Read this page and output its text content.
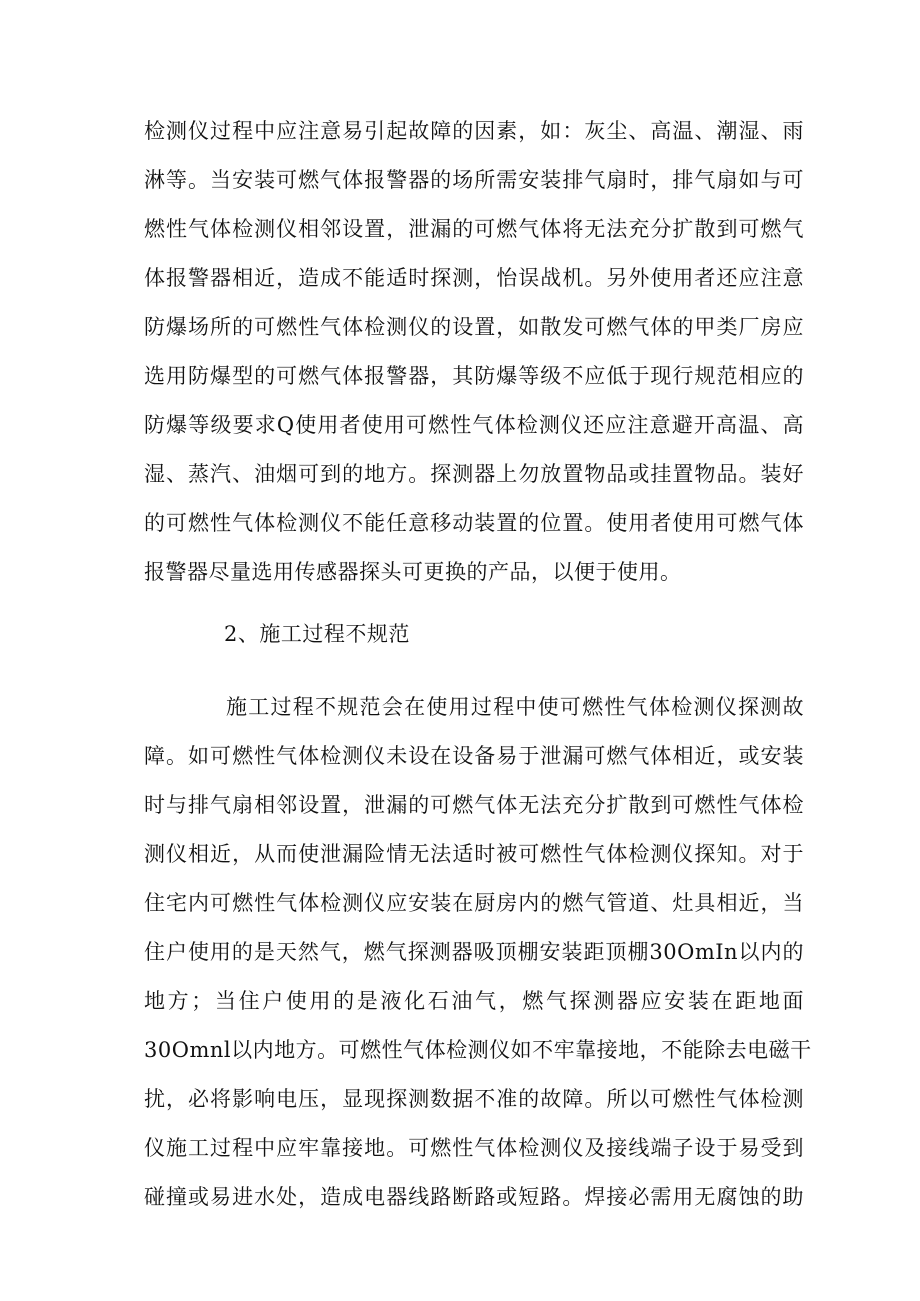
检测仪过程中应注意易引起故障的因素，如：灰尘、高温、潮湿、雨
淋等。当安装可燃气体报警器的场所需安装排气扇时，排气扇如与可
燃性气体检测仪相邻设置，泄漏的可燃气体将无法充分扩散到可燃气
体报警器相近，造成不能适时探测，怡误战机。另外使用者还应注意
防爆场所的可燃性气体检测仪的设置，如散发可燃气体的甲类厂房应
选用防爆型的可燃气体报警器，其防爆等级不应低于现行规范相应的
防爆等级要求Q使用者使用可燃性气体检测仪还应注意避开高温、高
湿、蒸汽、油烟可到的地方。探测器上勿放置物品或挂置物品。装好
的可燃性气体检测仪不能任意移动装置的位置。使用者使用可燃气体
报警器尽量选用传感器探头可更换的产品，以便于使用。
2、施工过程不规范
施工过程不规范会在使用过程中使可燃性气体检测仪探测故
障。如可燃性气体检测仪未设在设备易于泄漏可燃气体相近，或安装
时与排气扇相邻设置，泄漏的可燃气体无法充分扩散到可燃性气体检
测仪相近，从而使泄漏险情无法适时被可燃性气体检测仪探知。对于
住宅内可燃性气体检测仪应安装在厨房内的燃气管道、灶具相近，当
住户使用的是天然气，燃气探测器吸顶棚安装距顶棚30OmIn以内的
地方；当住户使用的是液化石油气，燃气探测器应安装在距地面
30Omnl以内地方。可燃性气体检测仪如不牢靠接地，不能除去电磁干
扰，必将影响电压，显现探测数据不准的故障。所以可燃性气体检测
仪施工过程中应牢靠接地。可燃性气体检测仪及接线端子设于易受到
碰撞或易进水处，造成电器线路断路或短路。焊接必需用无腐蚀的助
